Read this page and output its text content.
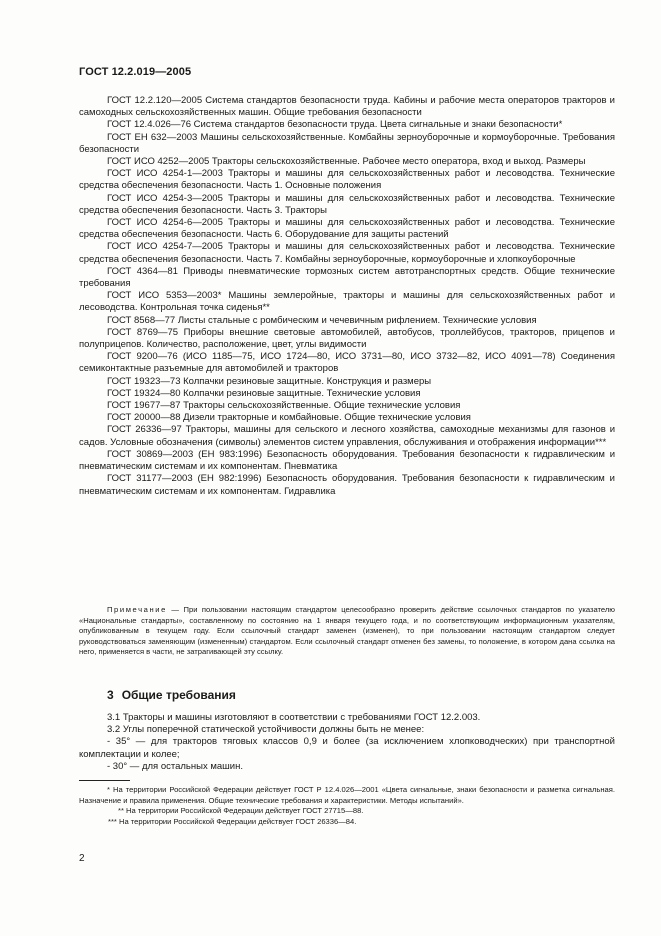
ГОСТ 12.2.019—2005

ГОСТ 12.2.120—2005 Система стандартов безопасности труда. Кабины и рабочие места операторов тракторов и самоходных сельскохозяйственных машин. Общие требования безопасности

ГОСТ 12.4.026—76 Система стандартов безопасности труда. Цвета сигнальные и знаки безопасности*

ГОСТ ЕН 632—2003 Машины сельскохозяйственные. Комбайны зерноуборочные и кормоуборочные. Требования безопасности

ГОСТ ИСО 4252—2005 Тракторы сельскохозяйственные. Рабочее место оператора, вход и выход. Размеры

ГОСТ ИСО 4254-1—2003 Тракторы и машины для сельскохозяйственных работ и лесоводства. Технические средства обеспечения безопасности. Часть 1. Основные положения

ГОСТ ИСО 4254-3—2005 Тракторы и машины для сельскохозяйственных работ и лесоводства. Технические средства обеспечения безопасности. Часть 3. Тракторы

ГОСТ ИСО 4254-6—2005 Тракторы и машины для сельскохозяйственных работ и лесоводства. Технические средства обеспечения безопасности. Часть 6. Оборудование для защиты растений

ГОСТ ИСО 4254-7—2005 Тракторы и машины для сельскохозяйственных работ и лесоводства. Технические средства обеспечения безопасности. Часть 7. Комбайны зерноуборочные, кормоуборочные и хлопкоуборочные

ГОСТ 4364—81 Приводы пневматические тормозных систем автотранспортных средств. Общие технические требования

ГОСТ ИСО 5353—2003* Машины землеройные, тракторы и машины для сельскохозяйственных работ и лесоводства. Контрольная точка сиденья**

ГОСТ 8568—77 Листы стальные с ромбическим и чечевичным рифлением. Технические условия

ГОСТ 8769—75 Приборы внешние световые автомобилей, автобусов, троллейбусов, тракторов, прицепов и полуприцепов. Количество, расположение, цвет, углы видимости

ГОСТ 9200—76 (ИСО 1185—75, ИСО 1724—80, ИСО 3731—80, ИСО 3732—82, ИСО 4091—78) Соединения семиконтактные разъемные для автомобилей и тракторов

ГОСТ 19323—73 Колпачки резиновые защитные. Конструкция и размеры

ГОСТ 19324—80 Колпачки резиновые защитные. Технические условия

ГОСТ 19677—87 Тракторы сельскохозяйственные. Общие технические условия

ГОСТ 20000—88 Дизели тракторные и комбайновые. Общие технические условия

ГОСТ 26336—97 Тракторы, машины для сельского и лесного хозяйства, самоходные механизмы для газонов и садов. Условные обозначения (символы) элементов систем управления, обслуживания и отображения информации***

ГОСТ 30869—2003 (ЕН 983:1996) Безопасность оборудования. Требования безопасности к гидравлическим и пневматическим системам и их компонентам. Пневматика

ГОСТ 31177—2003 (ЕН 982:1996) Безопасность оборудования. Требования безопасности к гидравлическим и пневматическим системам и их компонентам. Гидравлика

Примечание — При пользовании настоящим стандартом целесообразно проверить действие ссылочных стандартов по указателю «Национальные стандарты», составленному по состоянию на 1 января текущего года, и по соответствующим информационным указателям, опубликованным в текущем году. Если ссылочный стандарт заменен (изменен), то при пользовании настоящим стандартом следует руководствоваться заменяющим (измененным) стандартом. Если ссылочный стандарт отменен без замены, то положение, в котором дана ссылка на него, применяется в части, не затрагивающей эту ссылку.

3 Общие требования

3.1 Тракторы и машины изготовляют в соответствии с требованиями ГОСТ 12.2.003.

3.2 Углы поперечной статической устойчивости должны быть не менее:

- 35° — для тракторов тяговых классов 0,9 и более (за исключением хлопководческих) при транспортной комплектации и колее;

- 30° — для остальных машин.

* На территории Российской Федерации действует ГОСТ Р 12.4.026—2001 «Цвета сигнальные, знаки безопасности и разметка сигнальная. Назначение и правила применения. Общие технические требования и характеристики. Методы испытаний».

** На территории Российской Федерации действует ГОСТ 27715—88.

*** На территории Российской Федерации действует ГОСТ 26336—84.

2
